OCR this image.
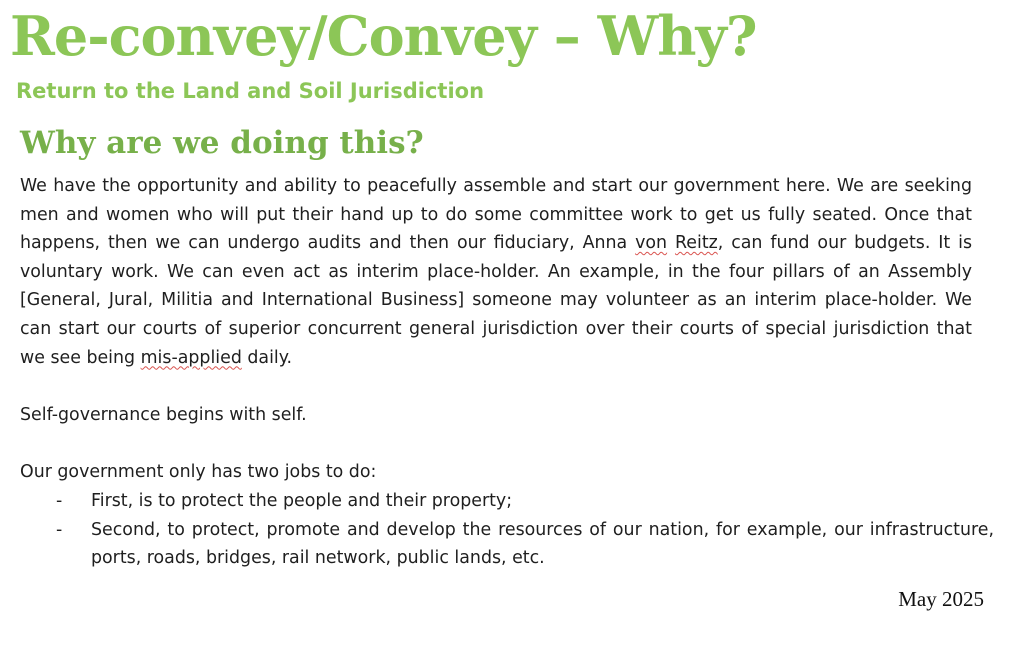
Re-convey/Convey – Why?
Return to the Land and Soil Jurisdiction
Why are we doing this?

We have the opportunity and ability to peacefully assemble and start our government here. We are seeking men and women who will put their hand up to do some committee work to get us fully seated. Once that happens, then we can undergo audits and then our fiduciary, Anna von Reitz, can fund our budgets. It is voluntary work. We can even act as interim place-holder. An example, in the four pillars of an Assembly [General, Jural, Militia and International Business] someone may volunteer as an interim place-holder. We can start our courts of superior concurrent general jurisdiction over their courts of special jurisdiction that we see being mis-applied daily.

Self-governance begins with self.

Our government only has two jobs to do:

- First, is to protect the people and their property;
- Second, to protect, promote and develop the resources of our nation, for example, our infrastructure, ports, roads, bridges, rail network, public lands, etc.

May 2025
